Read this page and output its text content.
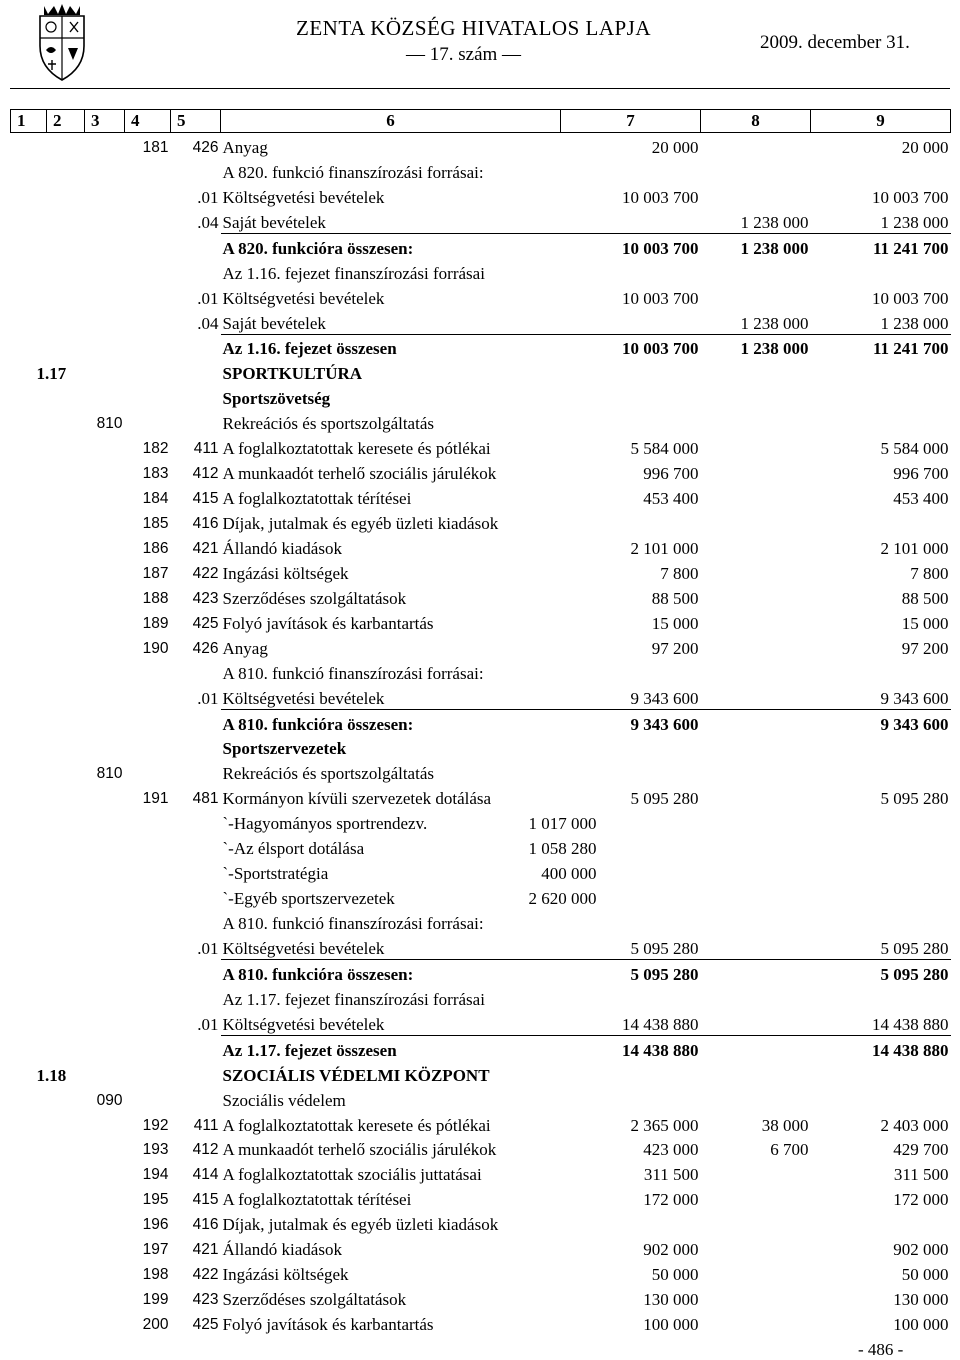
ZENTA KÖZSÉG HIVATALOS LAPJA
— 17. szám —
2009. december 31.
1	2	3	4	5	6	7	8	9
			181	426	Anyag	20 000		20 000
					A 820. funkció finanszírozási forrásai:			
				.01	Költségvetési bevételek	10 003 700		10 003 700
				.04	Saját bevételek		1 238 000	1 238 000
					A 820. funkcióra összesen:	10 003 700	1 238 000	11 241 700
					Az 1.16. fejezet finanszírozási forrásai			
				.01	Költségvetési bevételek	10 003 700		10 003 700
				.04	Saját bevételek		1 238 000	1 238 000
					Az 1.16. fejezet összesen	10 003 700	1 238 000	11 241 700
1.17					SPORTKULTÚRA			
					Sportszövetség			
		810			Rekreációs és sportszolgáltatás			
			182	411	A foglalkoztatottak keresete és pótlékai	5 584 000		5 584 000
			183	412	A munkaadót terhelő szociális járulékok	996 700		996 700
			184	415	A foglalkoztatottak térítései	453 400		453 400
			185	416	Díjak, jutalmak és egyéb üzleti kiadások			
			186	421	Állandó kiadások	2 101 000		2 101 000
			187	422	Ingázási költségek	7 800		7 800
			188	423	Szerződéses szolgáltatások	88 500		88 500
			189	425	Folyó javítások és karbantartás	15 000		15 000
			190	426	Anyag	97 200		97 200
					A 810. funkció finanszírozási forrásai:			
				.01	Költségvetési bevételek	9 343 600		9 343 600
					A 810. funkcióra összesen:	9 343 600		9 343 600
					Sportszervezetek			
		810			Rekreációs és sportszolgáltatás			
			191	481	Kormányon kívüli szervezetek dotálása	5 095 280		5 095 280
					`-Hagyományos sportrendezv. 1 017 000			

					`-Az élsport dotálása 1 058 280			

					`-Sportstratégia 400 000			

					`-Egyéb sportszervezetek 2 620 000			

					A 810. funkció finanszírozási forrásai:			
				.01	Költségvetési bevételek	5 095 280		5 095 280
					A 810. funkcióra összesen:	5 095 280		5 095 280
					Az 1.17. fejezet finanszírozási forrásai			
				.01	Költségvetési bevételek	14 438 880		14 438 880
					Az 1.17. fejezet összesen	14 438 880		14 438 880
1.18					SZOCIÁLIS VÉDELMI KÖZPONT			
		090			Szociális védelem			
			192	411	A foglalkoztatottak keresete és pótlékai	2 365 000	38 000	2 403 000
			193	412	A munkaadót terhelő szociális járulékok	423 000	6 700	429 700
			194	414	A foglalkoztatottak szociális juttatásai	311 500		311 500
			195	415	A foglalkoztatottak térítései	172 000		172 000
			196	416	Díjak, jutalmak és egyéb üzleti kiadások			
			197	421	Állandó kiadások	902 000		902 000
			198	422	Ingázási költségek	50 000		50 000
			199	423	Szerződéses szolgáltatások	130 000		130 000
			200	425	Folyó javítások és karbantartás	100 000		100 000
- 486 -
